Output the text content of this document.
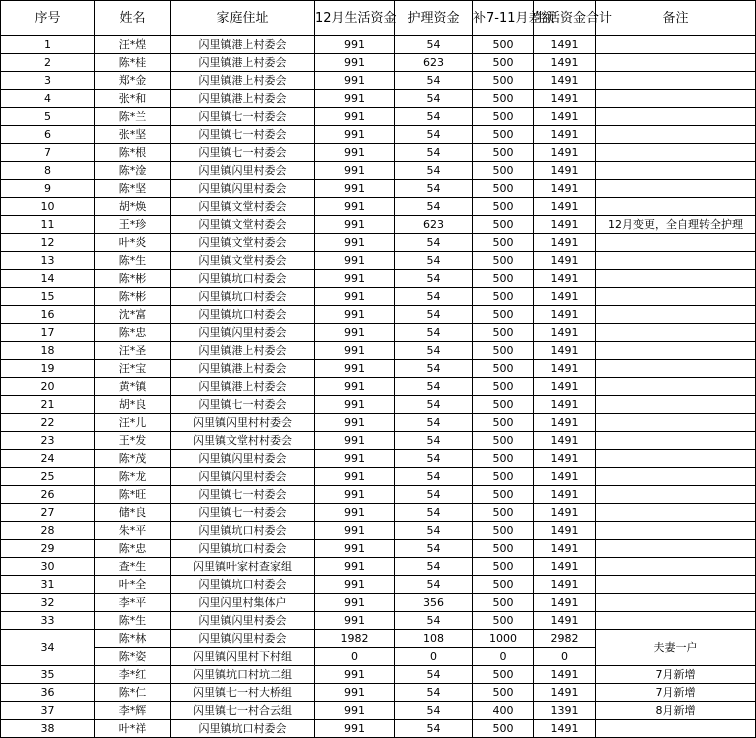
序号	姓名	家庭住址	12月生活资金	护理资金	补7-11月差额	生活资金合计	备注
1	汪*煌	闪里镇港上村委会	991	54	500	1491	
2	陈*桂	闪里镇港上村委会	991	623	500	1491	
3	郑*金	闪里镇港上村委会	991	54	500	1491	
4	张*和	闪里镇港上村委会	991	54	500	1491	
5	陈*兰	闪里镇七一村委会	991	54	500	1491	
6	张*坚	闪里镇七一村委会	991	54	500	1491	
7	陈*根	闪里镇七一村委会	991	54	500	1491	
8	陈*淦	闪里镇闪里村委会	991	54	500	1491	
9	陈*坚	闪里镇闪里村委会	991	54	500	1491	
10	胡*焕	闪里镇文堂村委会	991	54	500	1491	
11	王*珍	闪里镇文堂村委会	991	623	500	1491	12月变更，全自理转全护理
12	叶*炎	闪里镇文堂村委会	991	54	500	1491	
13	陈*生	闪里镇文堂村委会	991	54	500	1491	
14	陈*彬	闪里镇坑口村委会	991	54	500	1491	
15	陈*彬	闪里镇坑口村委会	991	54	500	1491	
16	沈*富	闪里镇坑口村委会	991	54	500	1491	
17	陈*忠	闪里镇闪里村委会	991	54	500	1491	
18	汪*圣	闪里镇港上村委会	991	54	500	1491	
19	汪*宝	闪里镇港上村委会	991	54	500	1491	
20	黄*镇	闪里镇港上村委会	991	54	500	1491	
21	胡*良	闪里镇七一村委会	991	54	500	1491	
22	汪*儿	闪里镇闪里村村委会	991	54	500	1491	
23	王*发	闪里镇文堂村村委会	991	54	500	1491	
24	陈*茂	闪里镇闪里村委会	991	54	500	1491	
25	陈*龙	闪里镇闪里村委会	991	54	500	1491	
26	陈*旺	闪里镇七一村委会	991	54	500	1491	
27	储*良	闪里镇七一村委会	991	54	500	1491	
28	朱*平	闪里镇坑口村委会	991	54	500	1491	
29	陈*忠	闪里镇坑口村委会	991	54	500	1491	
30	查*生	闪里镇叶家村查家组	991	54	500	1491	
31	叶*全	闪里镇坑口村委会	991	54	500	1491	
32	李*平	闪里闪里村集体户	991	356	500	1491	
33	陈*生	闪里镇闪里村委会	991	54	500	1491	
34	陈*林	闪里镇闪里村委会	1982	108	1000	2982	夫妻一户
	陈*姿	闪里镇闪里村下村组	0	0	0	0	
35	李*红	闪里镇坑口村坑二组	991	54	500	1491	7月新增
36	陈*仁	闪里镇七一村大桥组	991	54	500	1491	7月新增
37	李*辉	闪里镇七一村合云组	991	54	400	1391	8月新增
38	叶*祥	闪里镇坑口村委会	991	54	500	1491	
